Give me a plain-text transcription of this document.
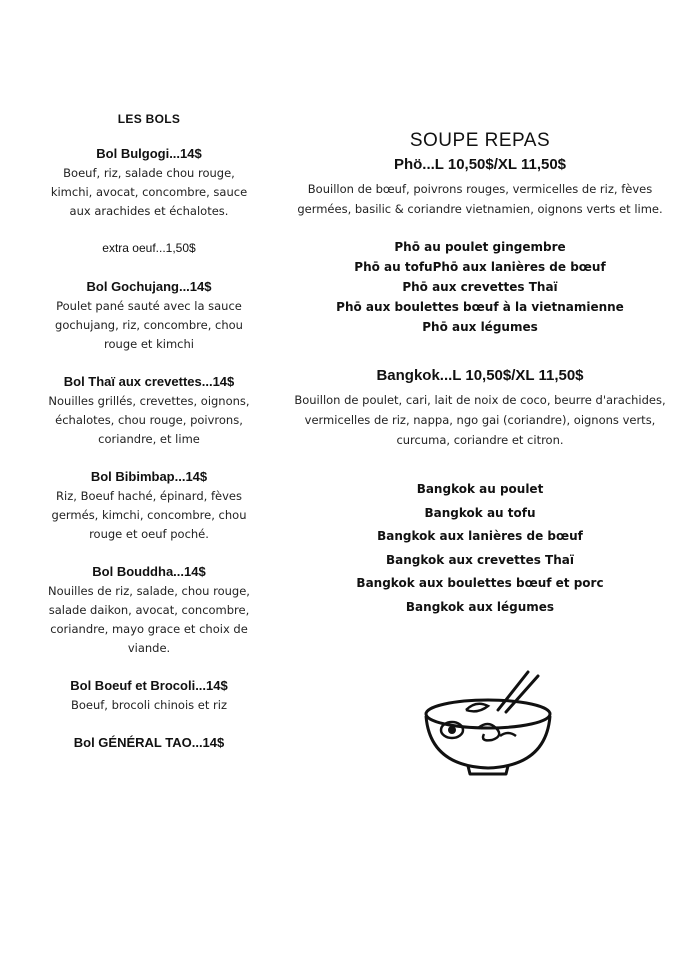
LES BOLS
Bol Bulgogi...14$
Boeuf, riz, salade chou rouge, kimchi, avocat, concombre, sauce aux arachides et échalotes.
extra oeuf...1,50$
Bol Gochujang...14$
Poulet pané sauté avec la sauce gochujang, riz, concombre, chou rouge et kimchi
Bol Thaï aux crevettes...14$
Nouilles grillés, crevettes, oignons, échalotes, chou rouge, poivrons, coriandre, et lime
Bol Bibimbap...14$
Riz, Boeuf haché, épinard, fèves germés, kimchi, concombre, chou rouge et oeuf poché.
Bol Bouddha...14$
Nouilles de riz, salade, chou rouge, salade daikon, avocat, concombre, coriandre, mayo grace et choix de viande.
Bol Boeuf et Brocoli...14$
Boeuf, brocoli chinois et riz
Bol GÉNÉRAL TAO...14$
SOUPE REPAS
Phö...L 10,50$/XL 11,50$
Bouillon de bœuf, poivrons rouges, vermicelles de riz, fèves germées, basilic & coriandre vietnamien, oignons verts et lime.
Phō au poulet gingembre
Phō au tofuPhō aux lanières de bœuf
Phō aux crevettes Thaï
Phō aux boulettes bœuf à la vietnamienne
Phō aux légumes
Bangkok...L 10,50$/XL 11,50$
Bouillon de poulet, cari, lait de noix de coco, beurre d'arachides, vermicelles de riz, nappa, ngo gai (coriandre), oignons verts, curcuma, coriandre et citron.
Bangkok au poulet
Bangkok au tofu
Bangkok aux lanières de bœuf
Bangkok aux crevettes Thaï
Bangkok aux boulettes bœuf et porc
Bangkok aux légumes
